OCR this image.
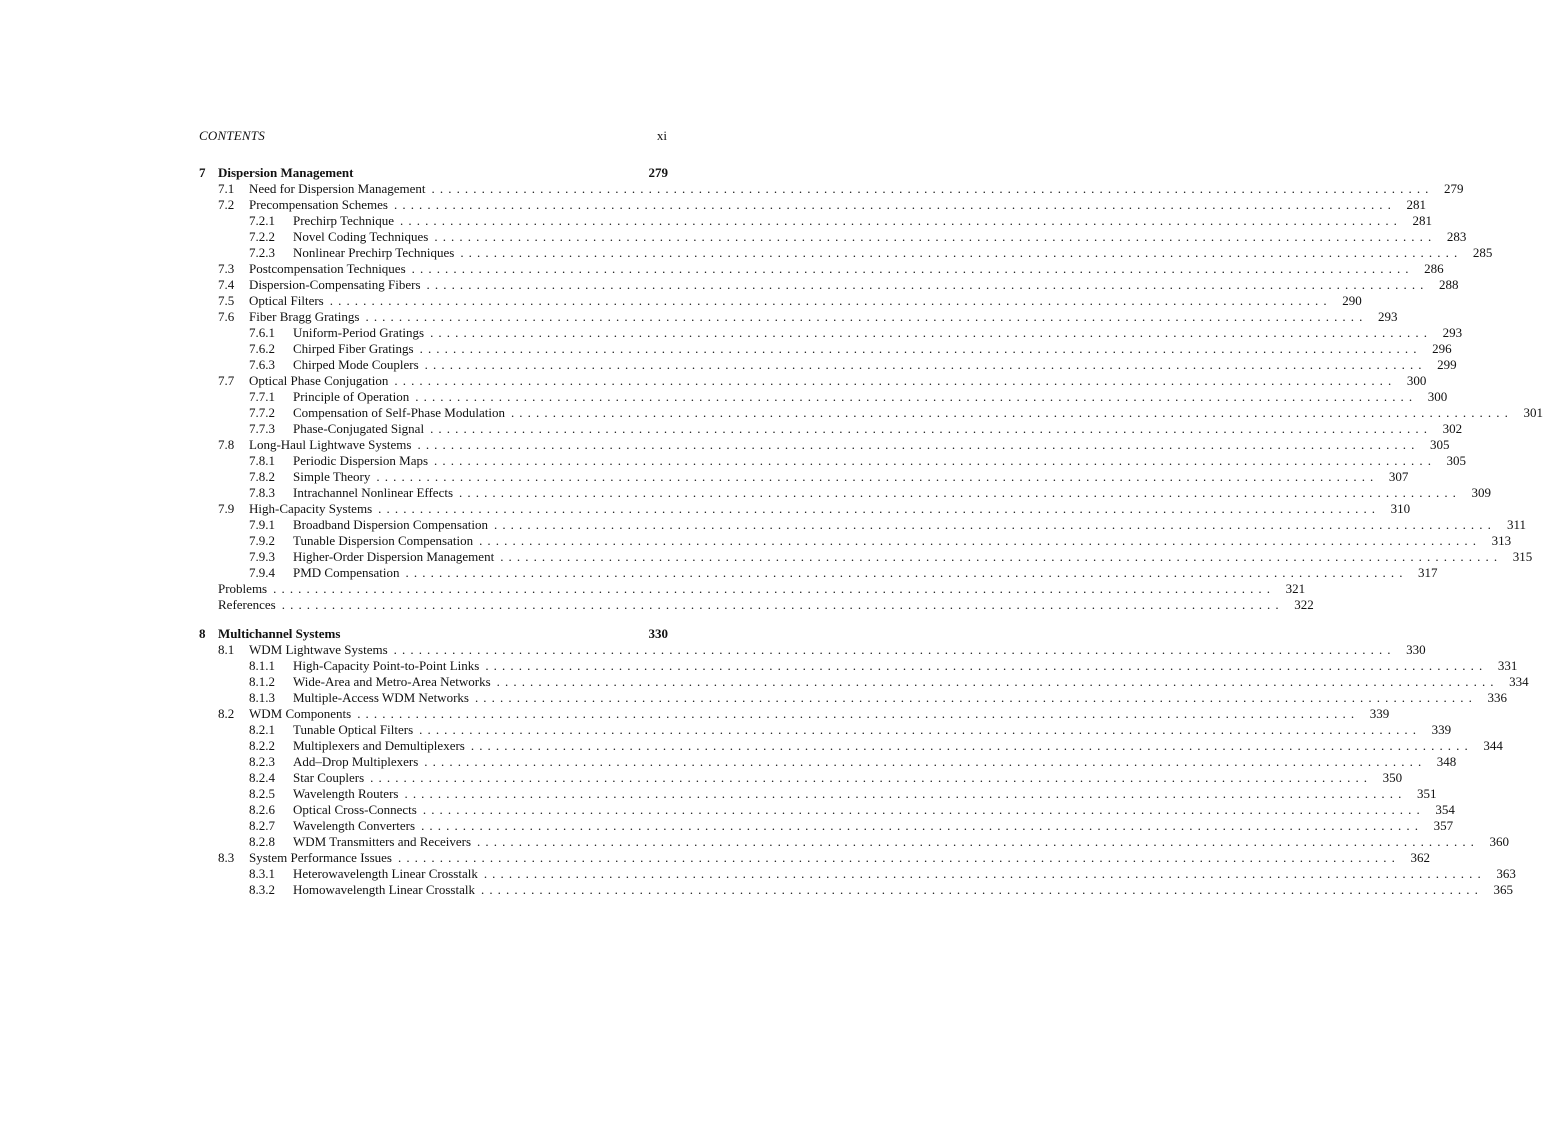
CONTENTS	xi
7 Dispersion Management	279
7.1 Need for Dispersion Management ........................................................................................................................ 279
7.2 Precompensation Schemes ........................................................................................................................ 281
7.2.1 Prechirp Technique ........................................................................................................................ 281
7.2.2 Novel Coding Techniques ........................................................................................................................ 283
7.2.3 Nonlinear Prechirp Techniques ........................................................................................................................ 285
7.3 Postcompensation Techniques ........................................................................................................................ 286
7.4 Dispersion-Compensating Fibers ........................................................................................................................ 288
7.5 Optical Filters ........................................................................................................................ 290
7.6 Fiber Bragg Gratings ........................................................................................................................ 293
7.6.1 Uniform-Period Gratings ........................................................................................................................ 293
7.6.2 Chirped Fiber Gratings ........................................................................................................................ 296
7.6.3 Chirped Mode Couplers ........................................................................................................................ 299
7.7 Optical Phase Conjugation ........................................................................................................................ 300
7.7.1 Principle of Operation ........................................................................................................................ 300
7.7.2 Compensation of Self-Phase Modulation ........................................................................................................................ 301
7.7.3 Phase-Conjugated Signal ........................................................................................................................ 302
7.8 Long-Haul Lightwave Systems ........................................................................................................................ 305
7.8.1 Periodic Dispersion Maps ........................................................................................................................ 305
7.8.2 Simple Theory ........................................................................................................................ 307
7.8.3 Intrachannel Nonlinear Effects ........................................................................................................................ 309
7.9 High-Capacity Systems ........................................................................................................................ 310
7.9.1 Broadband Dispersion Compensation ........................................................................................................................ 311
7.9.2 Tunable Dispersion Compensation ........................................................................................................................ 313
7.9.3 Higher-Order Dispersion Management ........................................................................................................................ 315
7.9.4 PMD Compensation ........................................................................................................................ 317
Problems ........................................................................................................................ 321
References ........................................................................................................................ 322
8 Multichannel Systems	330
8.1 WDM Lightwave Systems ........................................................................................................................ 330
8.1.1 High-Capacity Point-to-Point Links ........................................................................................................................ 331
8.1.2 Wide-Area and Metro-Area Networks ........................................................................................................................ 334
8.1.3 Multiple-Access WDM Networks ........................................................................................................................ 336
8.2 WDM Components ........................................................................................................................ 339
8.2.1 Tunable Optical Filters ........................................................................................................................ 339
8.2.2 Multiplexers and Demultiplexers ........................................................................................................................ 344
8.2.3 Add–Drop Multiplexers ........................................................................................................................ 348
8.2.4 Star Couplers ........................................................................................................................ 350
8.2.5 Wavelength Routers ........................................................................................................................ 351
8.2.6 Optical Cross-Connects ........................................................................................................................ 354
8.2.7 Wavelength Converters ........................................................................................................................ 357
8.2.8 WDM Transmitters and Receivers ........................................................................................................................ 360
8.3 System Performance Issues ........................................................................................................................ 362
8.3.1 Heterowavelength Linear Crosstalk ........................................................................................................................ 363
8.3.2 Homowavelength Linear Crosstalk ........................................................................................................................ 365
